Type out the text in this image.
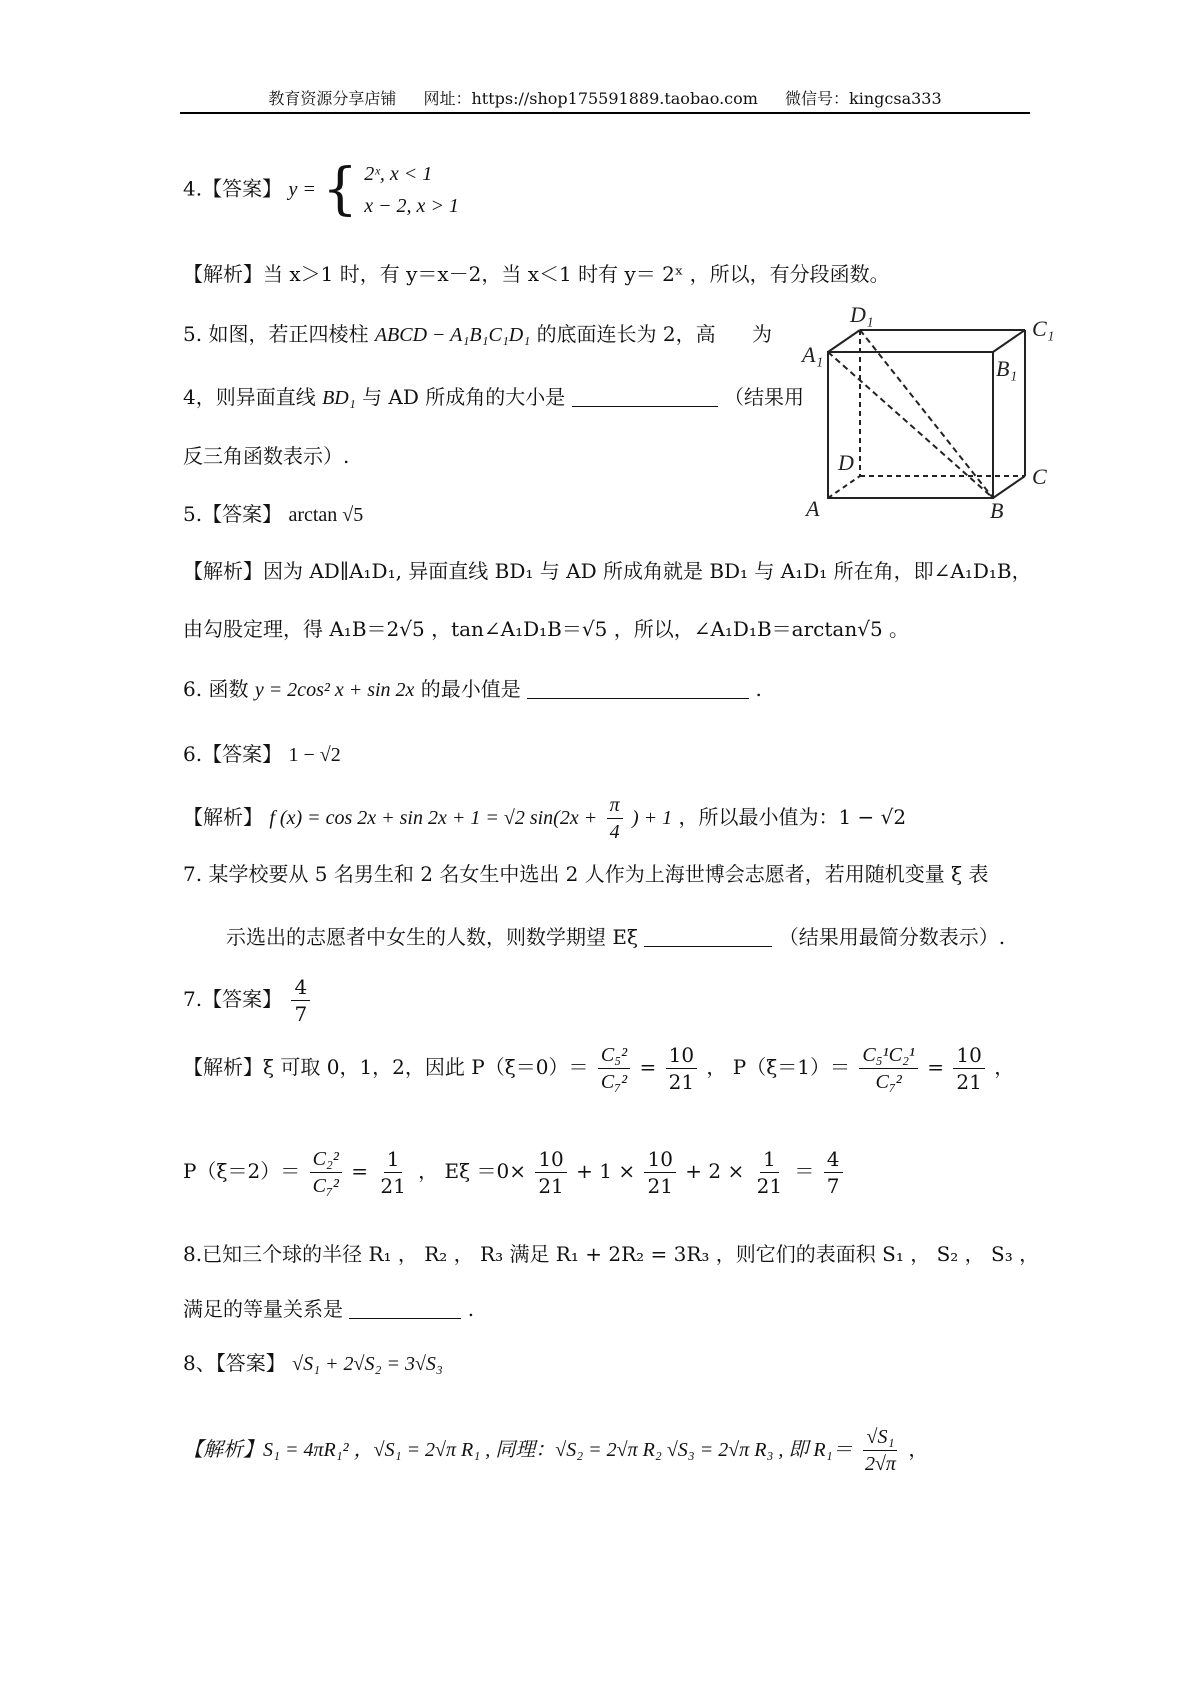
教育资源分享店铺 网址：https://shop175591889.taobao.com 微信号：kingcsa333
4.【答案】 y = { 2ˣ, x < 1
x − 2, x > 1
【解析】当 x＞1 时，有 y＝x－2，当 x＜1 时有 y＝ 2ˣ ，所以，有分段函数。
5. 如图，若正四棱柱 ABCD − A₁B₁C₁D₁ 的底面连长为 2，高 为
4，则异面直线 BD₁ 与 AD 所成角的大小是	（结果用
反三角函数表示）.
D₁
C₁
A₁
B₁
D
C
A	B
5.【答案】 arctan √5
【解析】因为 AD∥A₁D₁, 异面直线 BD₁ 与 AD 所成角就是 BD₁ 与 A₁D₁ 所在角，即∠A₁D₁B，
由勾股定理，得 A₁B＝2√5 ，tan∠A₁D₁B＝√5 ，所以，∠A₁D₁B＝arctan√5 。
6. 函数 y = 2cos² x + sin 2x 的最小值是	.
6.【答案】 1 − √2
【解析】 f (x) = cos 2x + sin 2x + 1 = √2 $\sin(2x + \frac{\pi}{4}$ ) + 1 ，所以最小值为：1 − √2
7. 某学校要从 5 名男生和 2 名女生中选出 2 人作为上海世博会志愿者，若用随机变量 ξ 表
示选出的志愿者中女生的人数，则数学期望 Eξ	（结果用最简分数表示）.
7.【答案】 $\frac{4}{7}$
【解析】ξ 可取 0，1，2，因此 $P(\xi=0)= \frac{\text{C₅²}}{\text{C₇²}} = \frac{10}{21}$ ， $P(\xi=1)= \frac{\text{C₅¹C₂¹}}{\text{C₇²}} = \frac{10}{21}$ ，
$P(\xi=2)= \frac{\text{C₂²}}{\text{C₇²}} = \frac{1}{21}$ ， $E\xi =0\times \frac{10}{21} + 1 \times \frac{10}{21} + 2 \times \frac{1}{21} = \frac{4}{7}$
8.已知三个球的半径 R₁ ， R₂ ， R₃ 满足 R₁ + 2R₂ = 3R₃ ，则它们的表面积 S₁ ， S₂ ， S₃ ，
满足的等量关系是	.
8、【答案】 √S₁ + 2√S₂ = 3√S₃
【解析】S₁ = 4πR₁² ，√S₁ = 2√π R₁ , 同理：√S₂ = 2√π R₂ √S₃ = 2√π R₃ , 即 $R_1= \frac{\text{√S₁}}{2√\pi}$ ，
